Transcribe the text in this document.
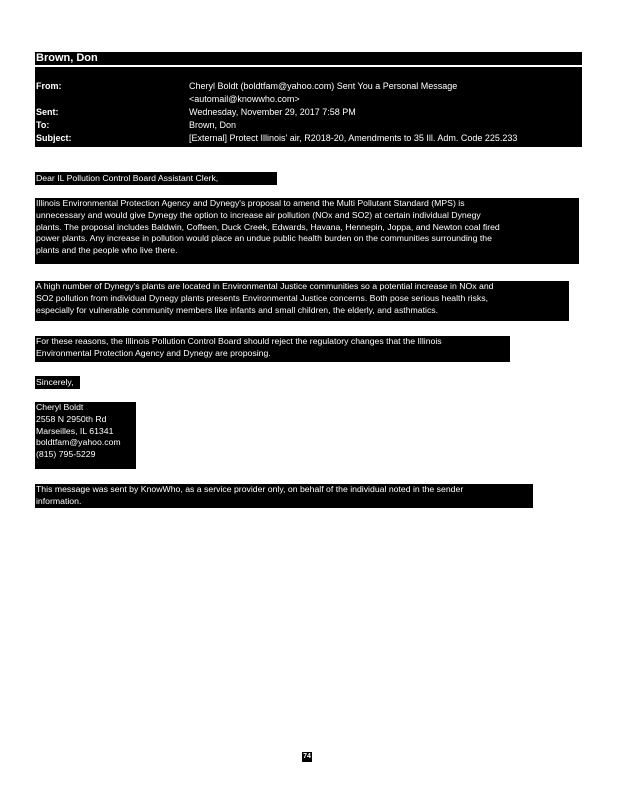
Brown, Don
From:	Cheryl Boldt (boldtfam@yahoo.com) Sent You a Personal Message
<automail@knowwho.com>
Sent:	Wednesday, November 29, 2017 7:58 PM
To:	Brown, Don
Subject:	[External] Protect Illinois' air, R2018-20, Amendments to 35 Ill. Adm. Code 225.233
Dear IL Pollution Control Board Assistant Clerk,
Illinois Environmental Protection Agency and Dynegy's proposal to amend the Multi Pollutant Standard (MPS) is
unnecessary and would give Dynegy the option to increase air pollution (NOx and SO2) at certain individual Dynegy
plants. The proposal includes Baldwin, Coffeen, Duck Creek, Edwards, Havana, Hennepin, Joppa, and Newton coal fired
power plants. Any increase in pollution would place an undue public health burden on the communities surrounding the
plants and the people who live there.
A high number of Dynegy's plants are located in Environmental Justice communities so a potential increase in NOx and
SO2 pollution from individual Dynegy plants presents Environmental Justice concerns. Both pose serious health risks,
especially for vulnerable community members like infants and small children, the elderly, and asthmatics.
For these reasons, the Illinois Pollution Control Board should reject the regulatory changes that the Illinois
Environmental Protection Agency and Dynegy are proposing.
Sincerely,
Cheryl Boldt
2558 N 2950th Rd
Marseilles, IL 61341
boldtfam@yahoo.com
(815) 795-5229
This message was sent by KnowWho, as a service provider only, on behalf of the individual noted in the sender
information.
74
